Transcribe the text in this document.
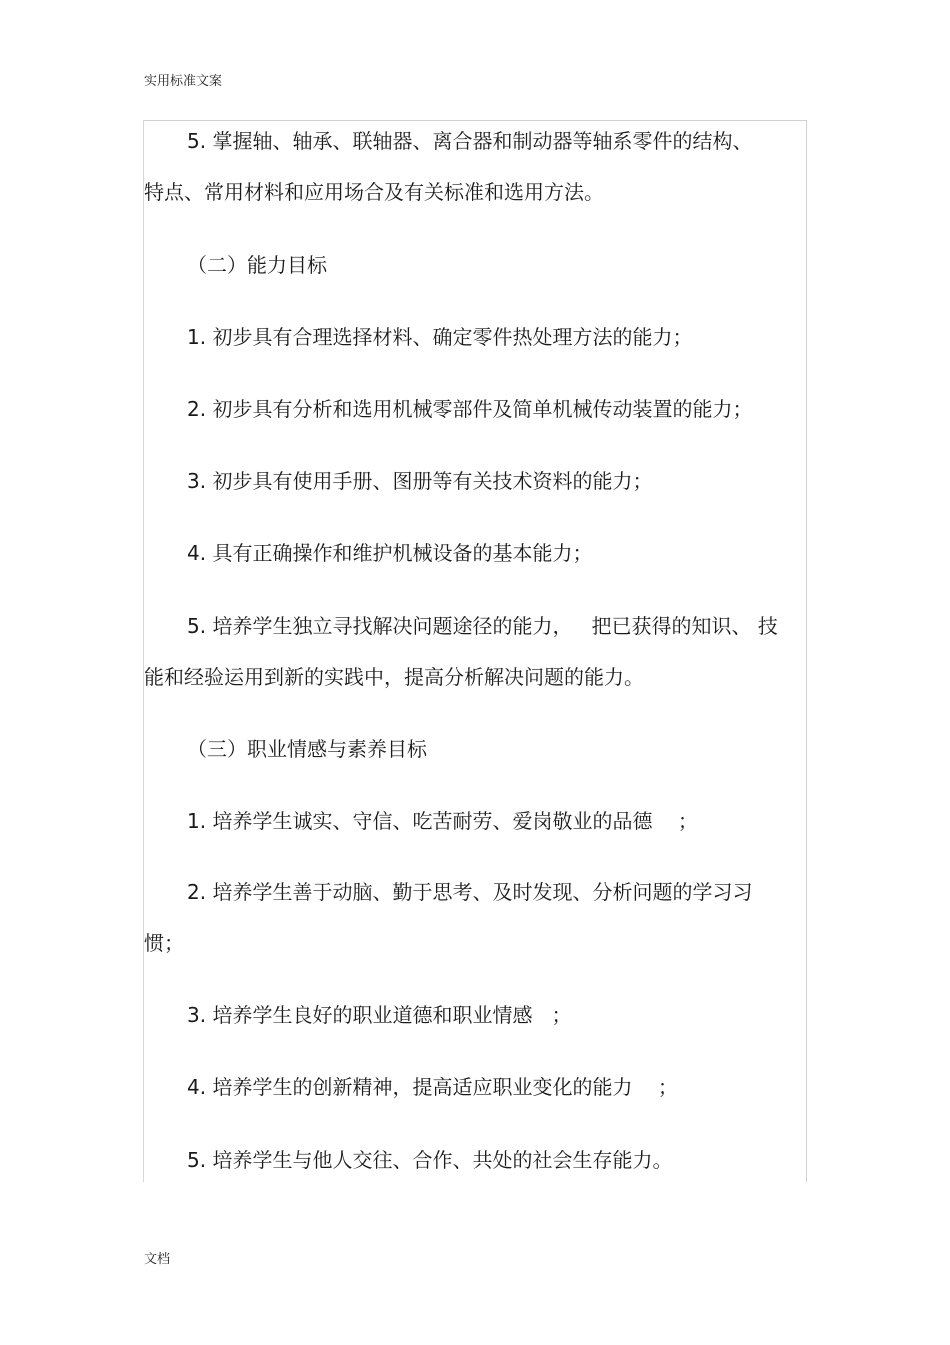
实用标准文案
5. 掌握轴、轴承、联轴器、离合器和制动器等轴系零件的结构、
特点、常用材料和应用场合及有关标准和选用方法。
（二）能力目标
1. 初步具有合理选择材料、确定零件热处理方法的能力；
2. 初步具有分析和选用机械零部件及简单机械传动装置的能力；
3. 初步具有使用手册、图册等有关技术资料的能力；
4. 具有正确操作和维护机械设备的基本能力；
5. 培养学生独立寻找解决问题途径的能力，   把已获得的知识、 技
能和经验运用到新的实践中，提高分析解决问题的能力。
（三）职业情感与素养目标
1. 培养学生诚实、守信、吃苦耐劳、爱岗敬业的品德    ；
2. 培养学生善于动脑、勤于思考、及时发现、分析问题的学习习
惯；
3. 培养学生良好的职业道德和职业情感   ；
4. 培养学生的创新精神，提高适应职业变化的能力    ；
5. 培养学生与他人交往、合作、共处的社会生存能力。
文档
